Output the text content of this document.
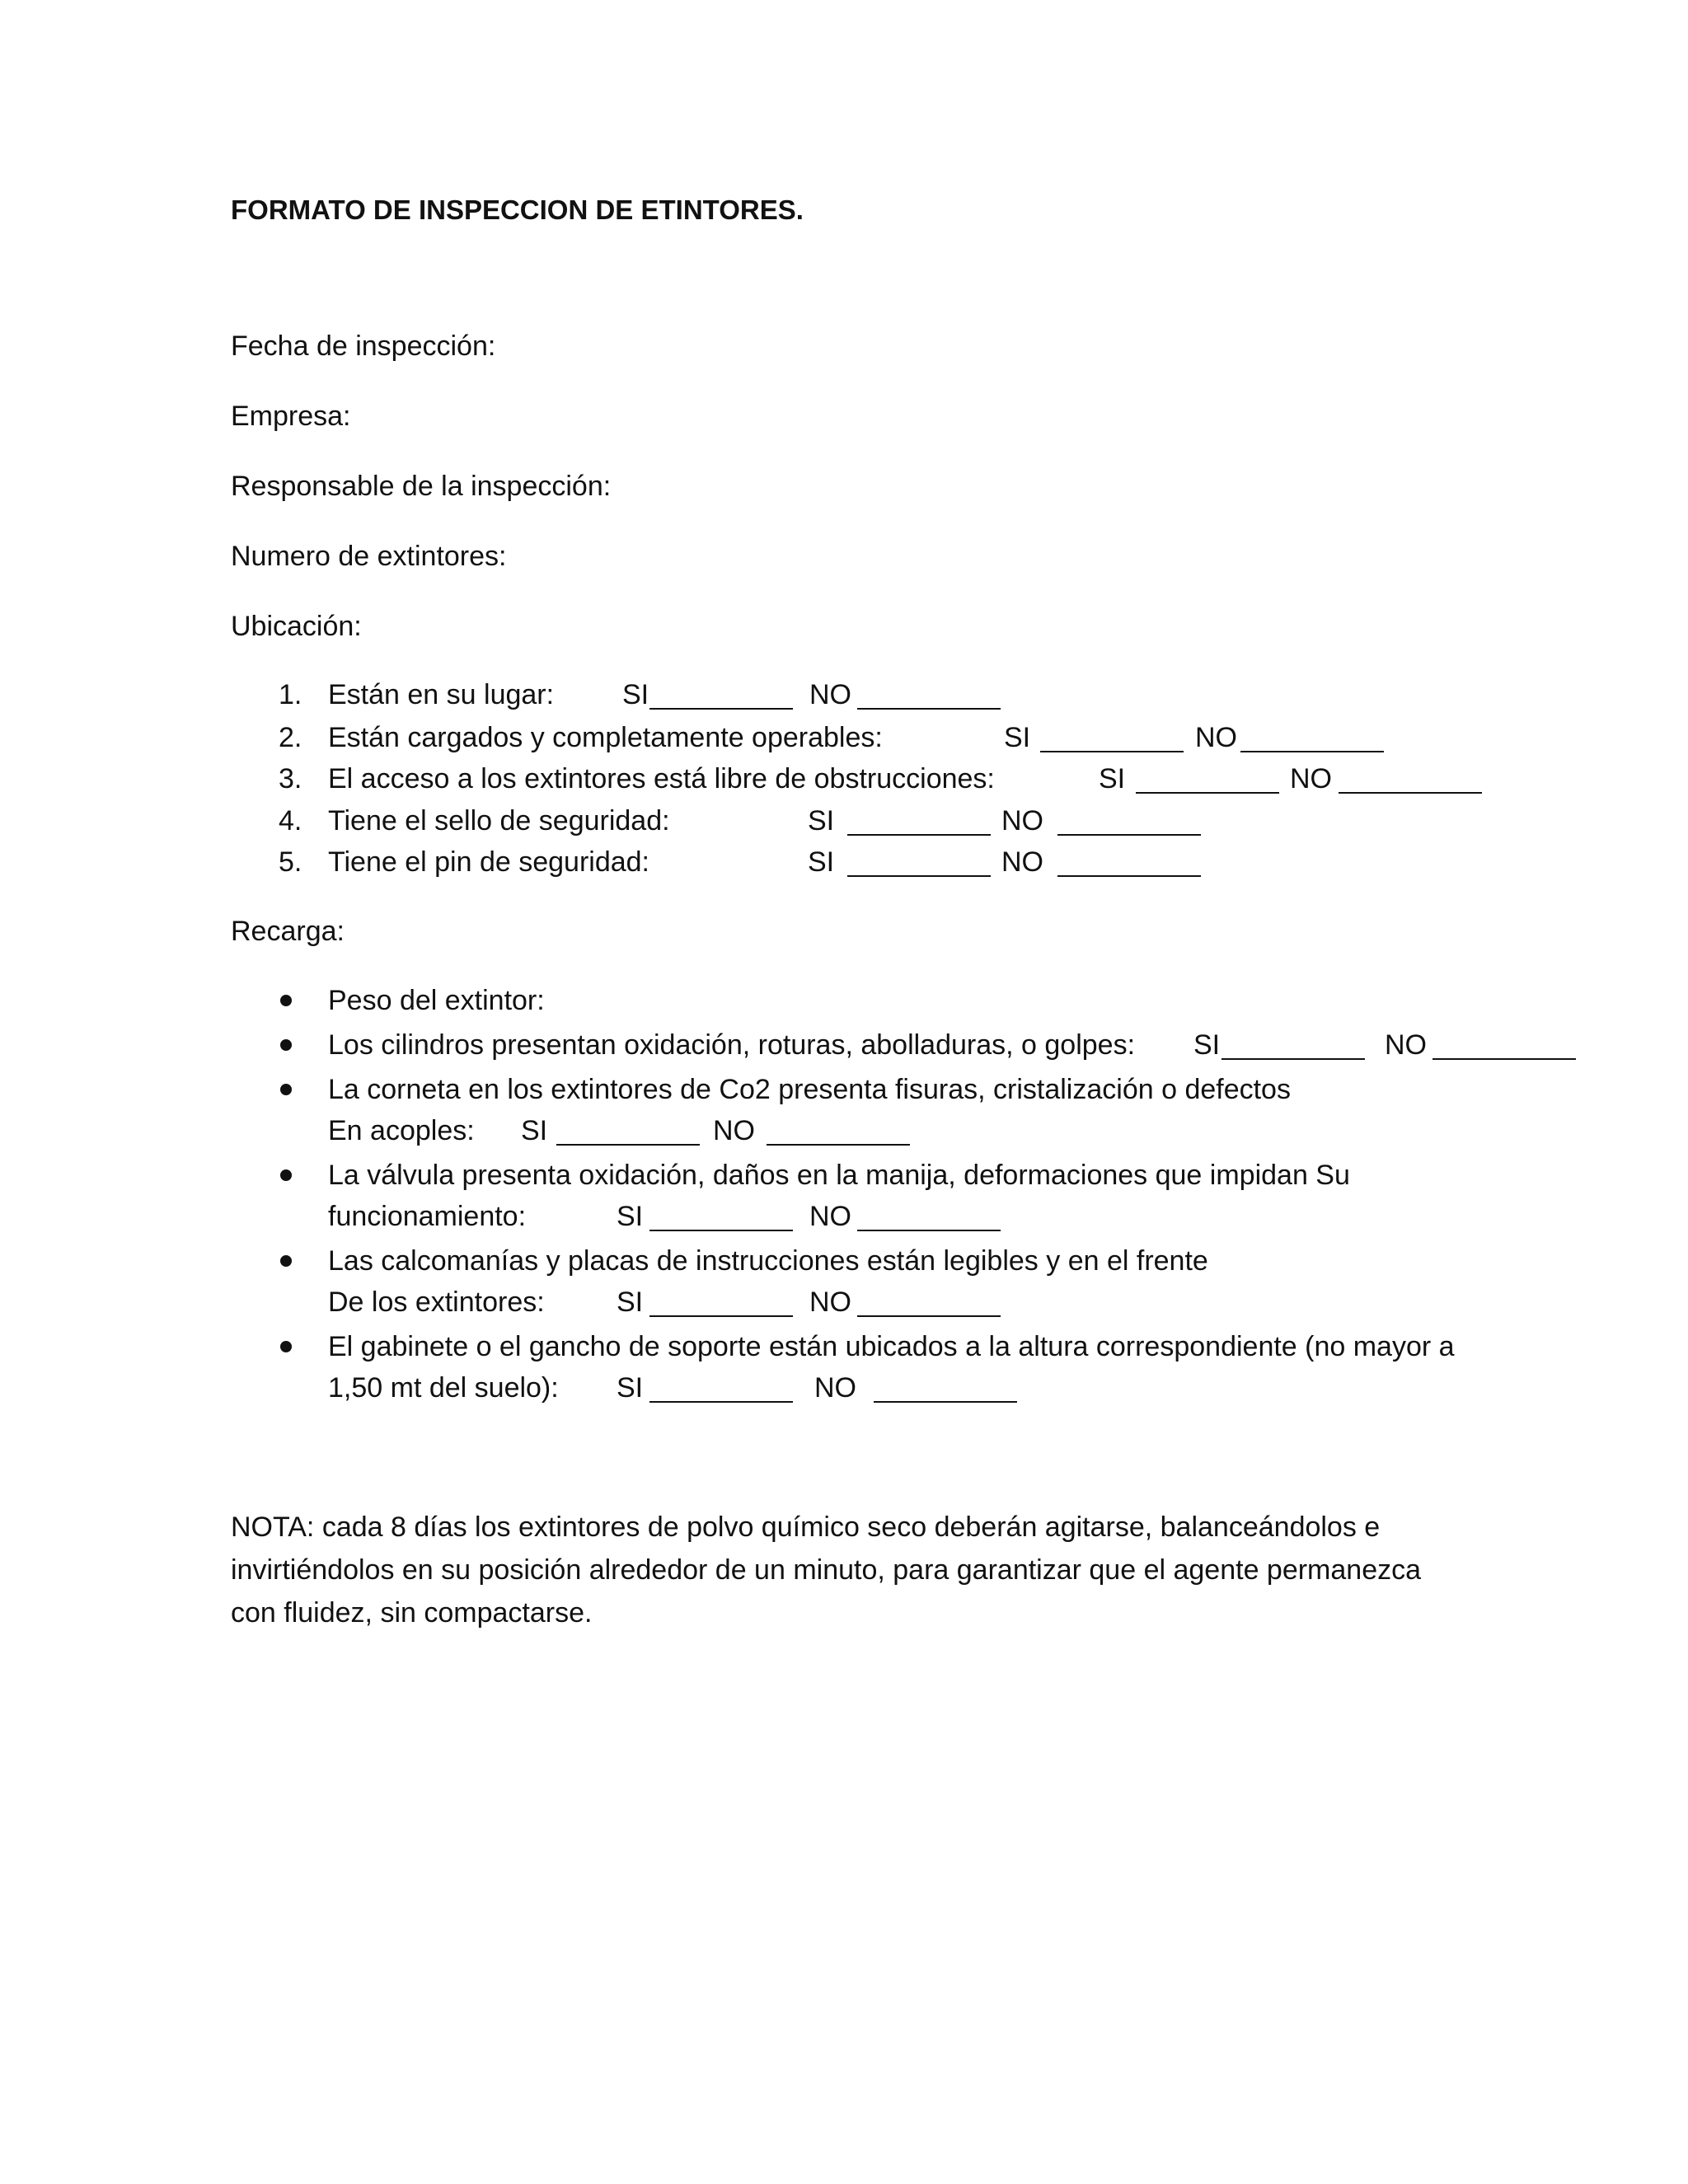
FORMATO DE INSPECCION DE ETINTORES.
Fecha de inspección:
Empresa:
Responsable de la inspección:
Numero de extintores:
Ubicación:
1. Están en su lugar: SI	NO
2. Están cargados y completamente operables:	SI	NO
3. El acceso a los extintores está libre de obstrucciones:	SI	NO
4. Tiene el sello de seguridad:	SI	NO
5. Tiene el pin de seguridad:	SI	NO
Recarga:
Peso del extintor:
Los cilindros presentan oxidación, roturas, abolladuras, o golpes: SI	NO
La corneta en los extintores de Co2 presenta fisuras, cristalización o defectos
En acoples: SI	NO
La válvula presenta oxidación, daños en la manija, deformaciones que impidan Su
funcionamiento:	SI	NO
Las calcomanías y placas de instrucciones están legibles y en el frente
De los extintores:	SI	NO
El gabinete o el gancho de soporte están ubicados a la altura correspondiente (no mayor a
1,50 mt del suelo): SI	NO
NOTA: cada 8 días los extintores de polvo químico seco deberán agitarse, balanceándolos e
invirtiéndolos en su posición alrededor de un minuto, para garantizar que el agente permanezca
con fluidez, sin compactarse.
